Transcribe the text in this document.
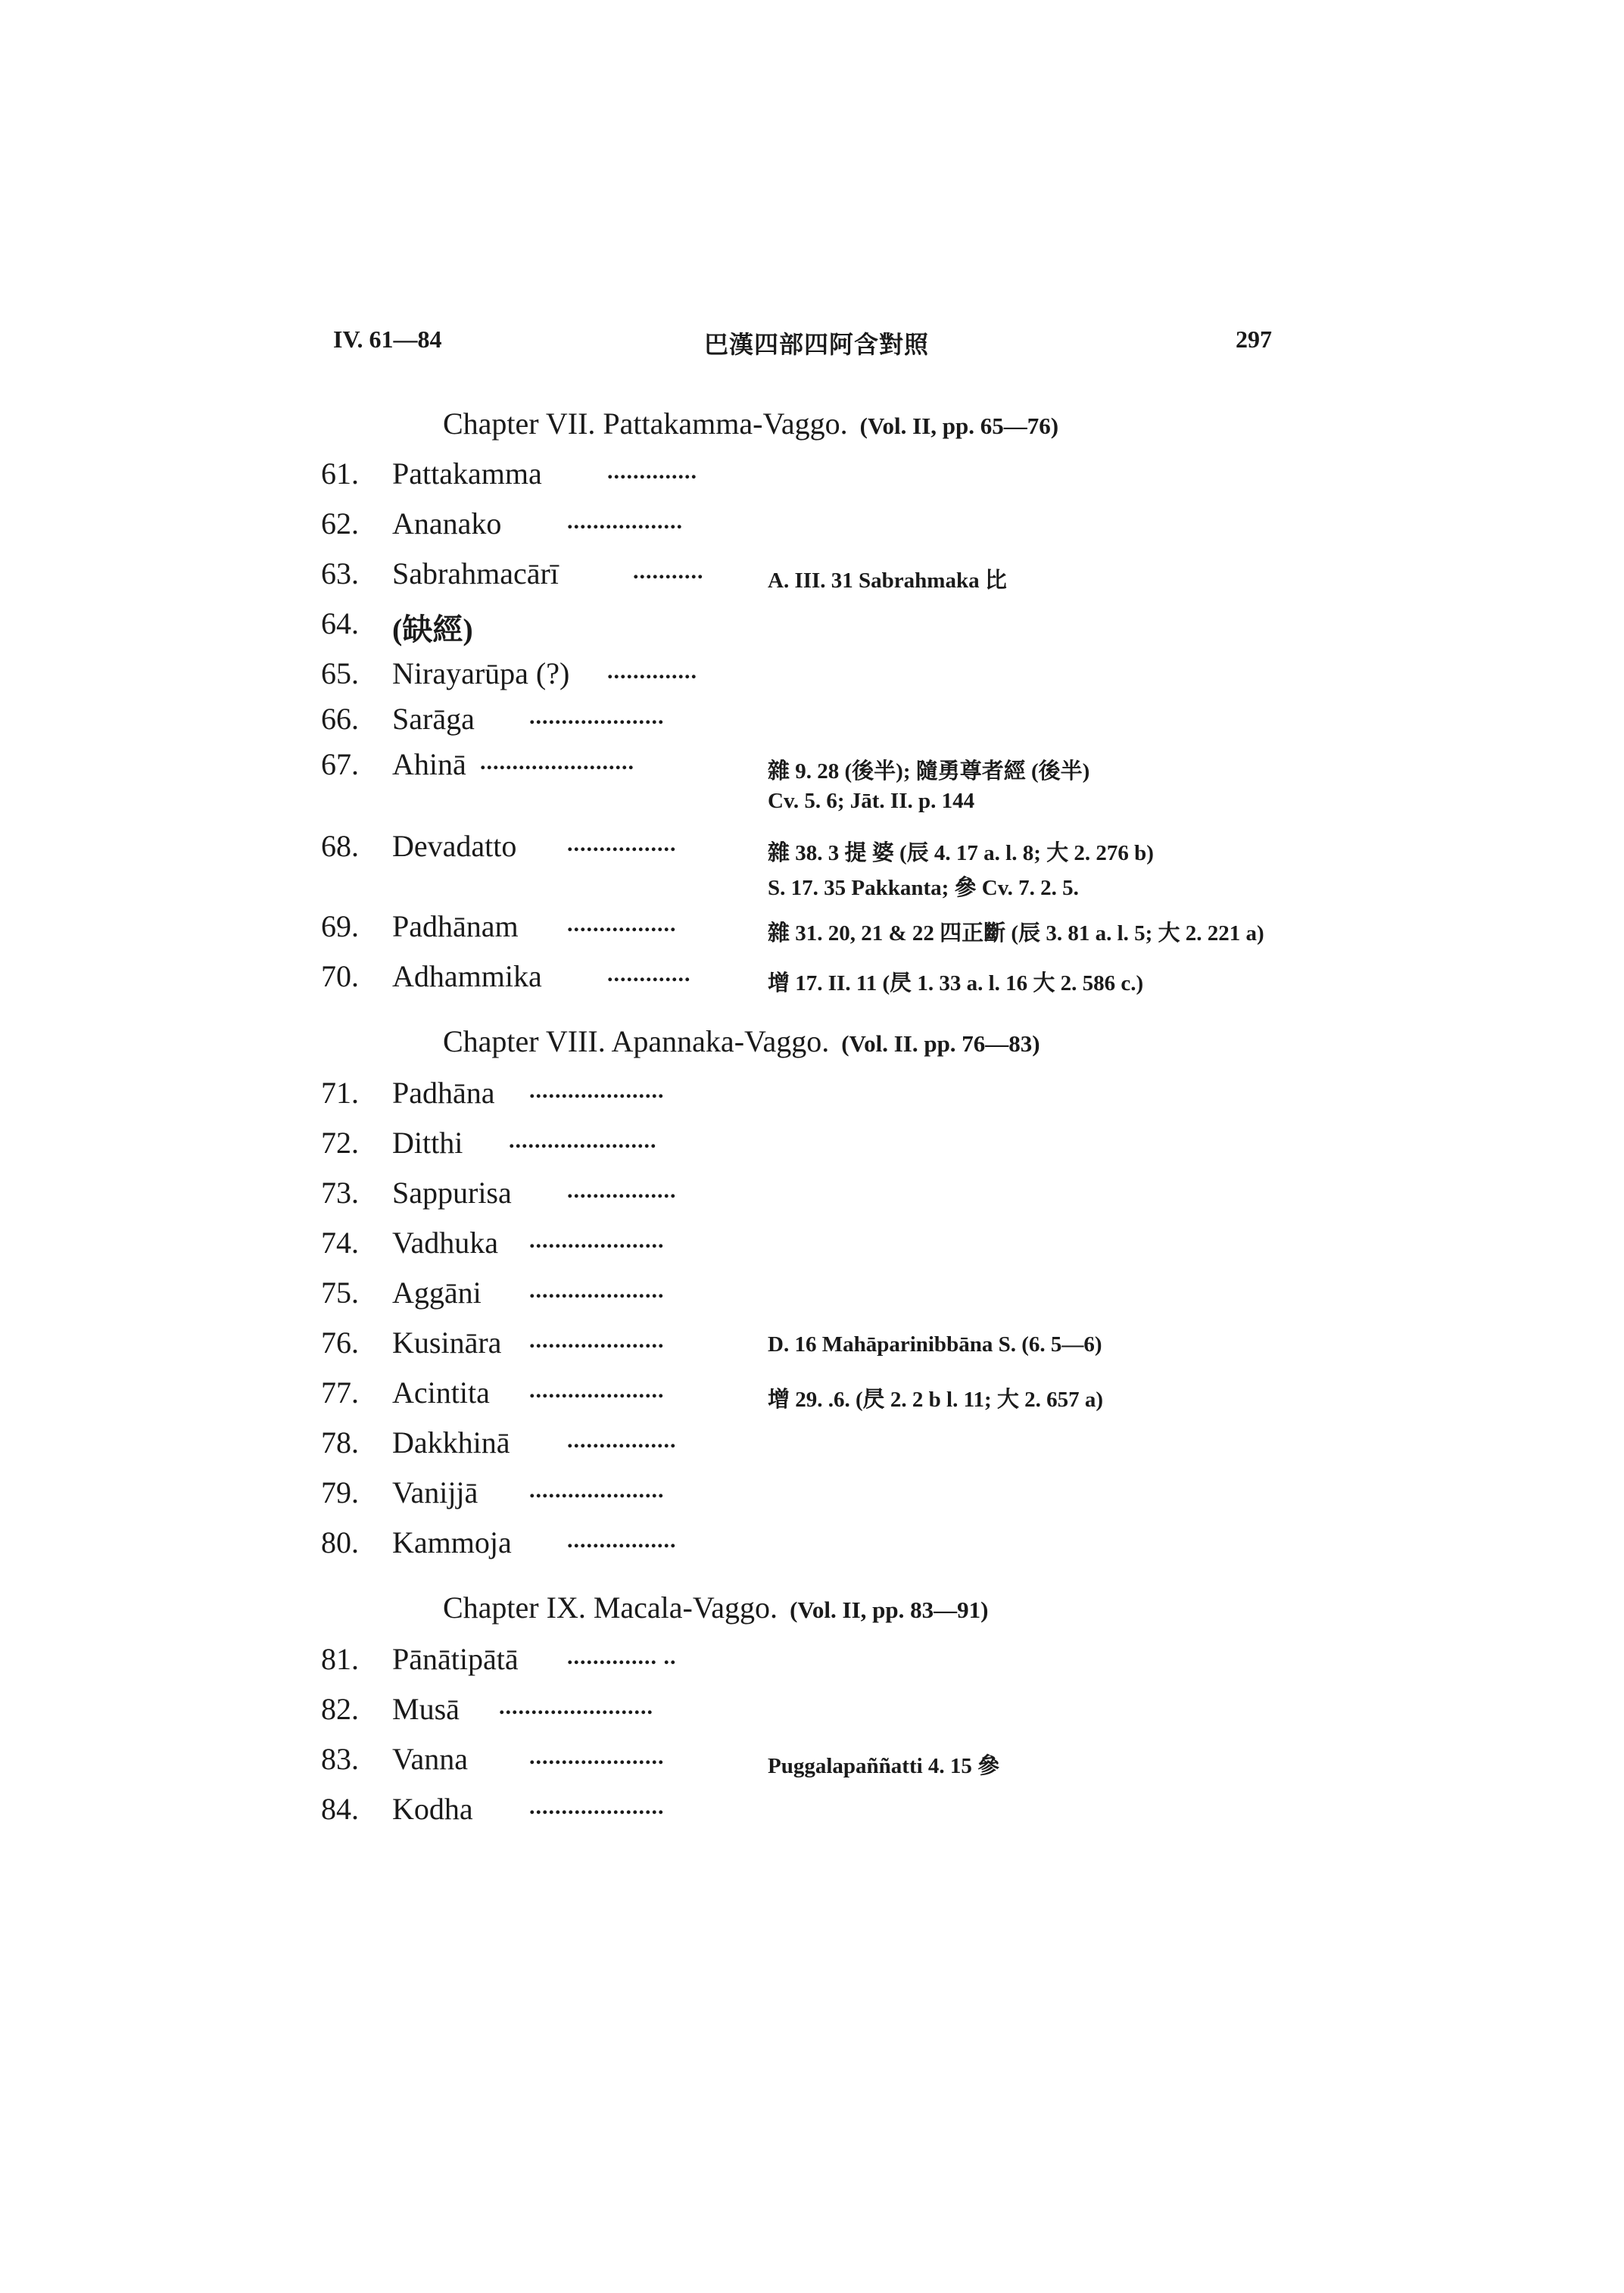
IV. 61—84	巴漢四部四阿含對照	297
Chapter VII. Pattakamma-Vaggo. (Vol. II, pp. 65—76)
61.	Pattakamma	..............
62.	Ananako	..................
63.	Sabrahmacārī	...........	A. III. 31 Sabrahmaka 比
64.	(缺經)
65.	Nirayarūpa (?) ..............
66.	Sarāga .....................
67.	Ahinā ........................	雜 9. 28 (後半); 隨勇尊者經 (後半)
Cv. 5. 6; Jāt. II. p. 144
68.	Devadatto .................	雜 38. 3 提 婆 (辰 4. 17 a. l. 8; 大 2. 276 b)
S. 17. 35 Pakkanta; 參 Cv. 7. 2. 5.
69.	Padhānam .................	雜 31. 20, 21 & 22 四正斷 (辰 3. 81 a. l. 5; 大 2. 221 a)
70.	Adhammika	.............	增 17. II. 11 (昃 1. 33 a. l. 16 大 2. 586 c.)
Chapter VIII. Apannaka-Vaggo. (Vol. II. pp. 76—83)
71.	Padhāna .....................
72.	Ditthi .......................
73.	Sappurisa .................
74.	Vadhuka .....................
75.	Aggāni .....................
76.	Kusināra .....................	D. 16 Mahāparinibbāna S. (6. 5—6)
77.	Acintita .....................	增 29. .6. (昃 2. 2 b l. 11; 大 2. 657 a)
78.	Dakkhinā	.................
79.	Vanijjā .....................
80.	Kammoja .................
Chapter IX. Macala-Vaggo. (Vol. II, pp. 83—91)
81.	Pānātipātā .............. ..
82.	Musā ........................
83.	Vanna	.....................	Puggalapaññatti 4. 15 參
84.	Kodha .....................
